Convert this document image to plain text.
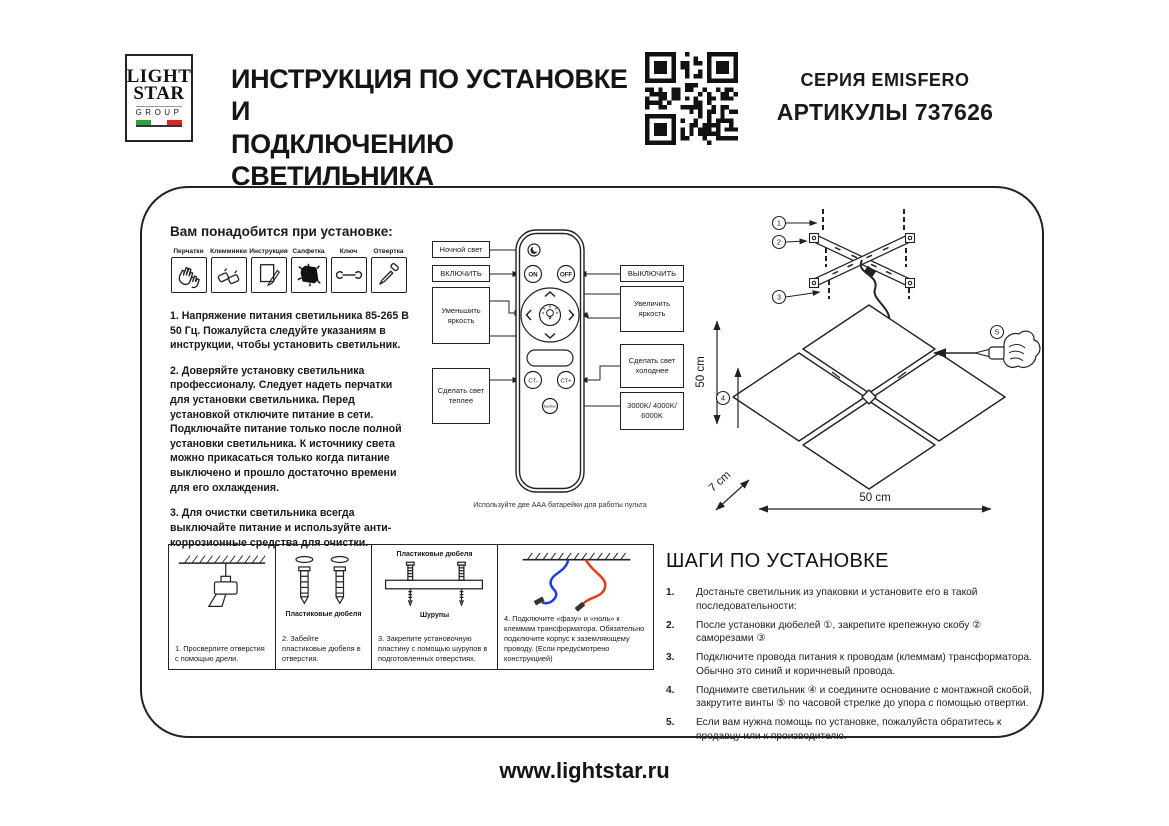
LIGHT
STAR
GROUP
ИНСТРУКЦИЯ ПО УСТАНОВКЕ И
ПОДКЛЮЧЕНИЮ СВЕТИЛЬНИКА
СЕРИЯ EMISFERO
АРТИКУЛЫ 737626
Вам понадобится при установке:
Перчатки Клеммники Инструкция Салфетка Ключ Отвертка

1. Напряжение питания светильника 85-265 В 50 Гц. Пожалуйста следуйте указаниям в инструкции, чтобы установить светильник.

2. Доверяйте установку светильника профессионалу. Следует надеть перчатки для установки светильника. Перед установкой отключите питание в сети. Подключайте питание только после полной установки светильника. К источнику света можно прикасаться только когда питание выключено и прошло достаточно времени для его охлаждения.

3. Для очистки светильника всегда выключайте питание и используйте анти-коррозионные средства для очистки.

ON	OFF
CT-	CT+
Section
Ночной свет
ВКЛЮЧИТЬ
Уменьшить яркость
Сделать свет теплее
ВЫКЛЮЧИТЬ
Увеличить яркость
Сделать свет холоднее
3000K/ 4000K/ 6000K
Используйте две ААА батарейки для работы пульта
1
2
3
50 cm
7 cm
50 cm
4
5
1. Просверлите отверстия с помощью дрели.
Пластиковые дюбеля
2. Забейте пластиковые дюбеля в отверстия.
Пластиковые дюбеля
Шурупы
3. Закрепите установочную пластину с помощью шурупов в подготовленных отверстиях.
4. Подключите «фазу» и «ноль» к клеммам трансформатора. Обязательно подключите корпус к заземляющему проводу. (Если предусмотрено конструкцией)
ШАГИ ПО УСТАНОВКЕ
1.	Достаньте светильник из упаковки и установите его в такой последовательности:
2.	После установки дюбелей ①, закрепите крепежную скобу ② саморезами ③
3.	Подключите провода питания к проводам (клеммам) трансформатора. Обычно это синий и коричневый провода.
4.	Поднимите светильник ④ и соедините основание с монтажной скобой, закрутите винты ⑤ по часовой стрелке до упора с помощью отвертки.
5.	Если вам нужна помощь по установке, пожалуйста обратитесь к продавцу или к производителю.
www.lightstar.ru
